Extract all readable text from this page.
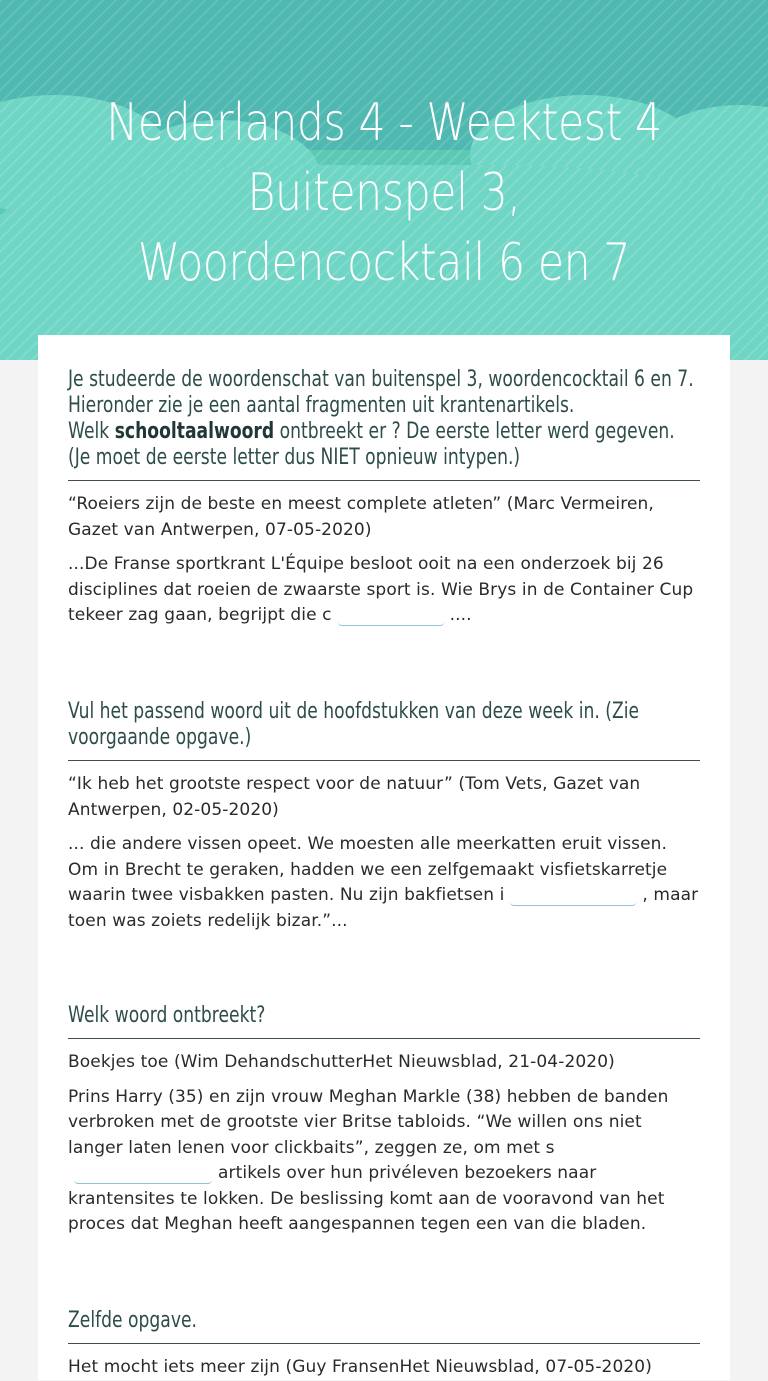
Nederlands 4 - Weektest 4
Buitenspel 3,
Woordencocktail 6 en 7
Je studeerde de woordenschat van buitenspel 3, woordencocktail 6 en 7.
Hieronder zie je een aantal fragmenten uit krantenartikels.
Welk schooltaalwoord ontbreekt er ? De eerste letter werd gegeven. (Je moet de eerste letter dus NIET opnieuw intypen.)
“Roeiers zijn de beste en meest complete atleten” (Marc Vermeiren, Gazet van Antwerpen, 07-05-2020)
...De Franse sportkrant L'Équipe besloot ooit na een onderzoek bij 26 disciplines dat roeien de zwaarste sport is. Wie Brys in de Container Cup tekeer zag gaan, begrijpt die c	....
Vul het passend woord uit de hoofdstukken van deze week in. (Zie voorgaande opgave.)
“Ik heb het grootste respect voor de natuur” (Tom Vets, Gazet van Antwerpen, 02-05-2020)
... die andere vissen opeet. We moesten alle meerkatten eruit vissen. Om in Brecht te geraken, hadden we een zelfgemaakt visfietskarretje waarin twee visbakken pasten. Nu zijn bakfietsen i	, maar toen was zoiets redelijk bizar.”...
Welk woord ontbreekt?
Boekjes toe (Wim DehandschutterHet Nieuwsblad, 21-04-2020)
Prins Harry (35) en zijn vrouw Meghan Markle (38) hebben de banden verbroken met de grootste vier Britse tabloids. “We willen ons niet langer laten lenen voor clickbaits”, zeggen ze, om met sartikels over hun privéleven bezoekers naar krantensites te lokken. De beslissing komt aan de vooravond van het proces dat Meghan heeft aangespannen tegen een van die bladen.
Zelfde opgave.
Het mocht iets meer zijn (Guy FransenHet Nieuwsblad, 07-05-2020)
